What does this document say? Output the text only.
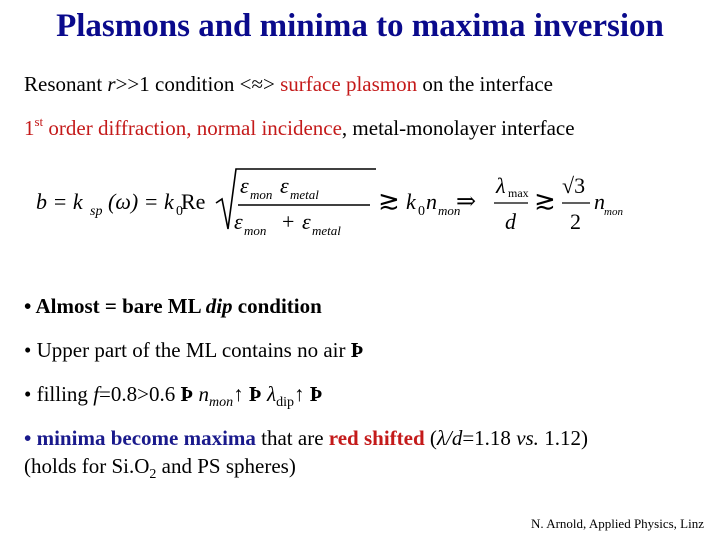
Plasmons and minima to maxima inversion
Resonant r>>1 condition <≈> surface plasmon on the interface
1st order diffraction, normal incidence, metal-monolayer interface
b = k sp (ω) = k 0
Re
ε mon ε metal
ε mon + ε metal
≳ k 0 n mon
⇒
λ max
d
≳
√3
2
n mon
• Almost = bare ML dip condition
• Upper part of the ML contains no air Þ
• filling f=0.8>0.6 Þ $n_{mon}↑$ Þ $\lambda_{dip}↑$ Þ
• minima become maxima that are red shifted (λ/d=1.18 vs. 1.12)
(holds for $Si.O_2$ and PS spheres)
N. Arnold, Applied Physics, Linz
